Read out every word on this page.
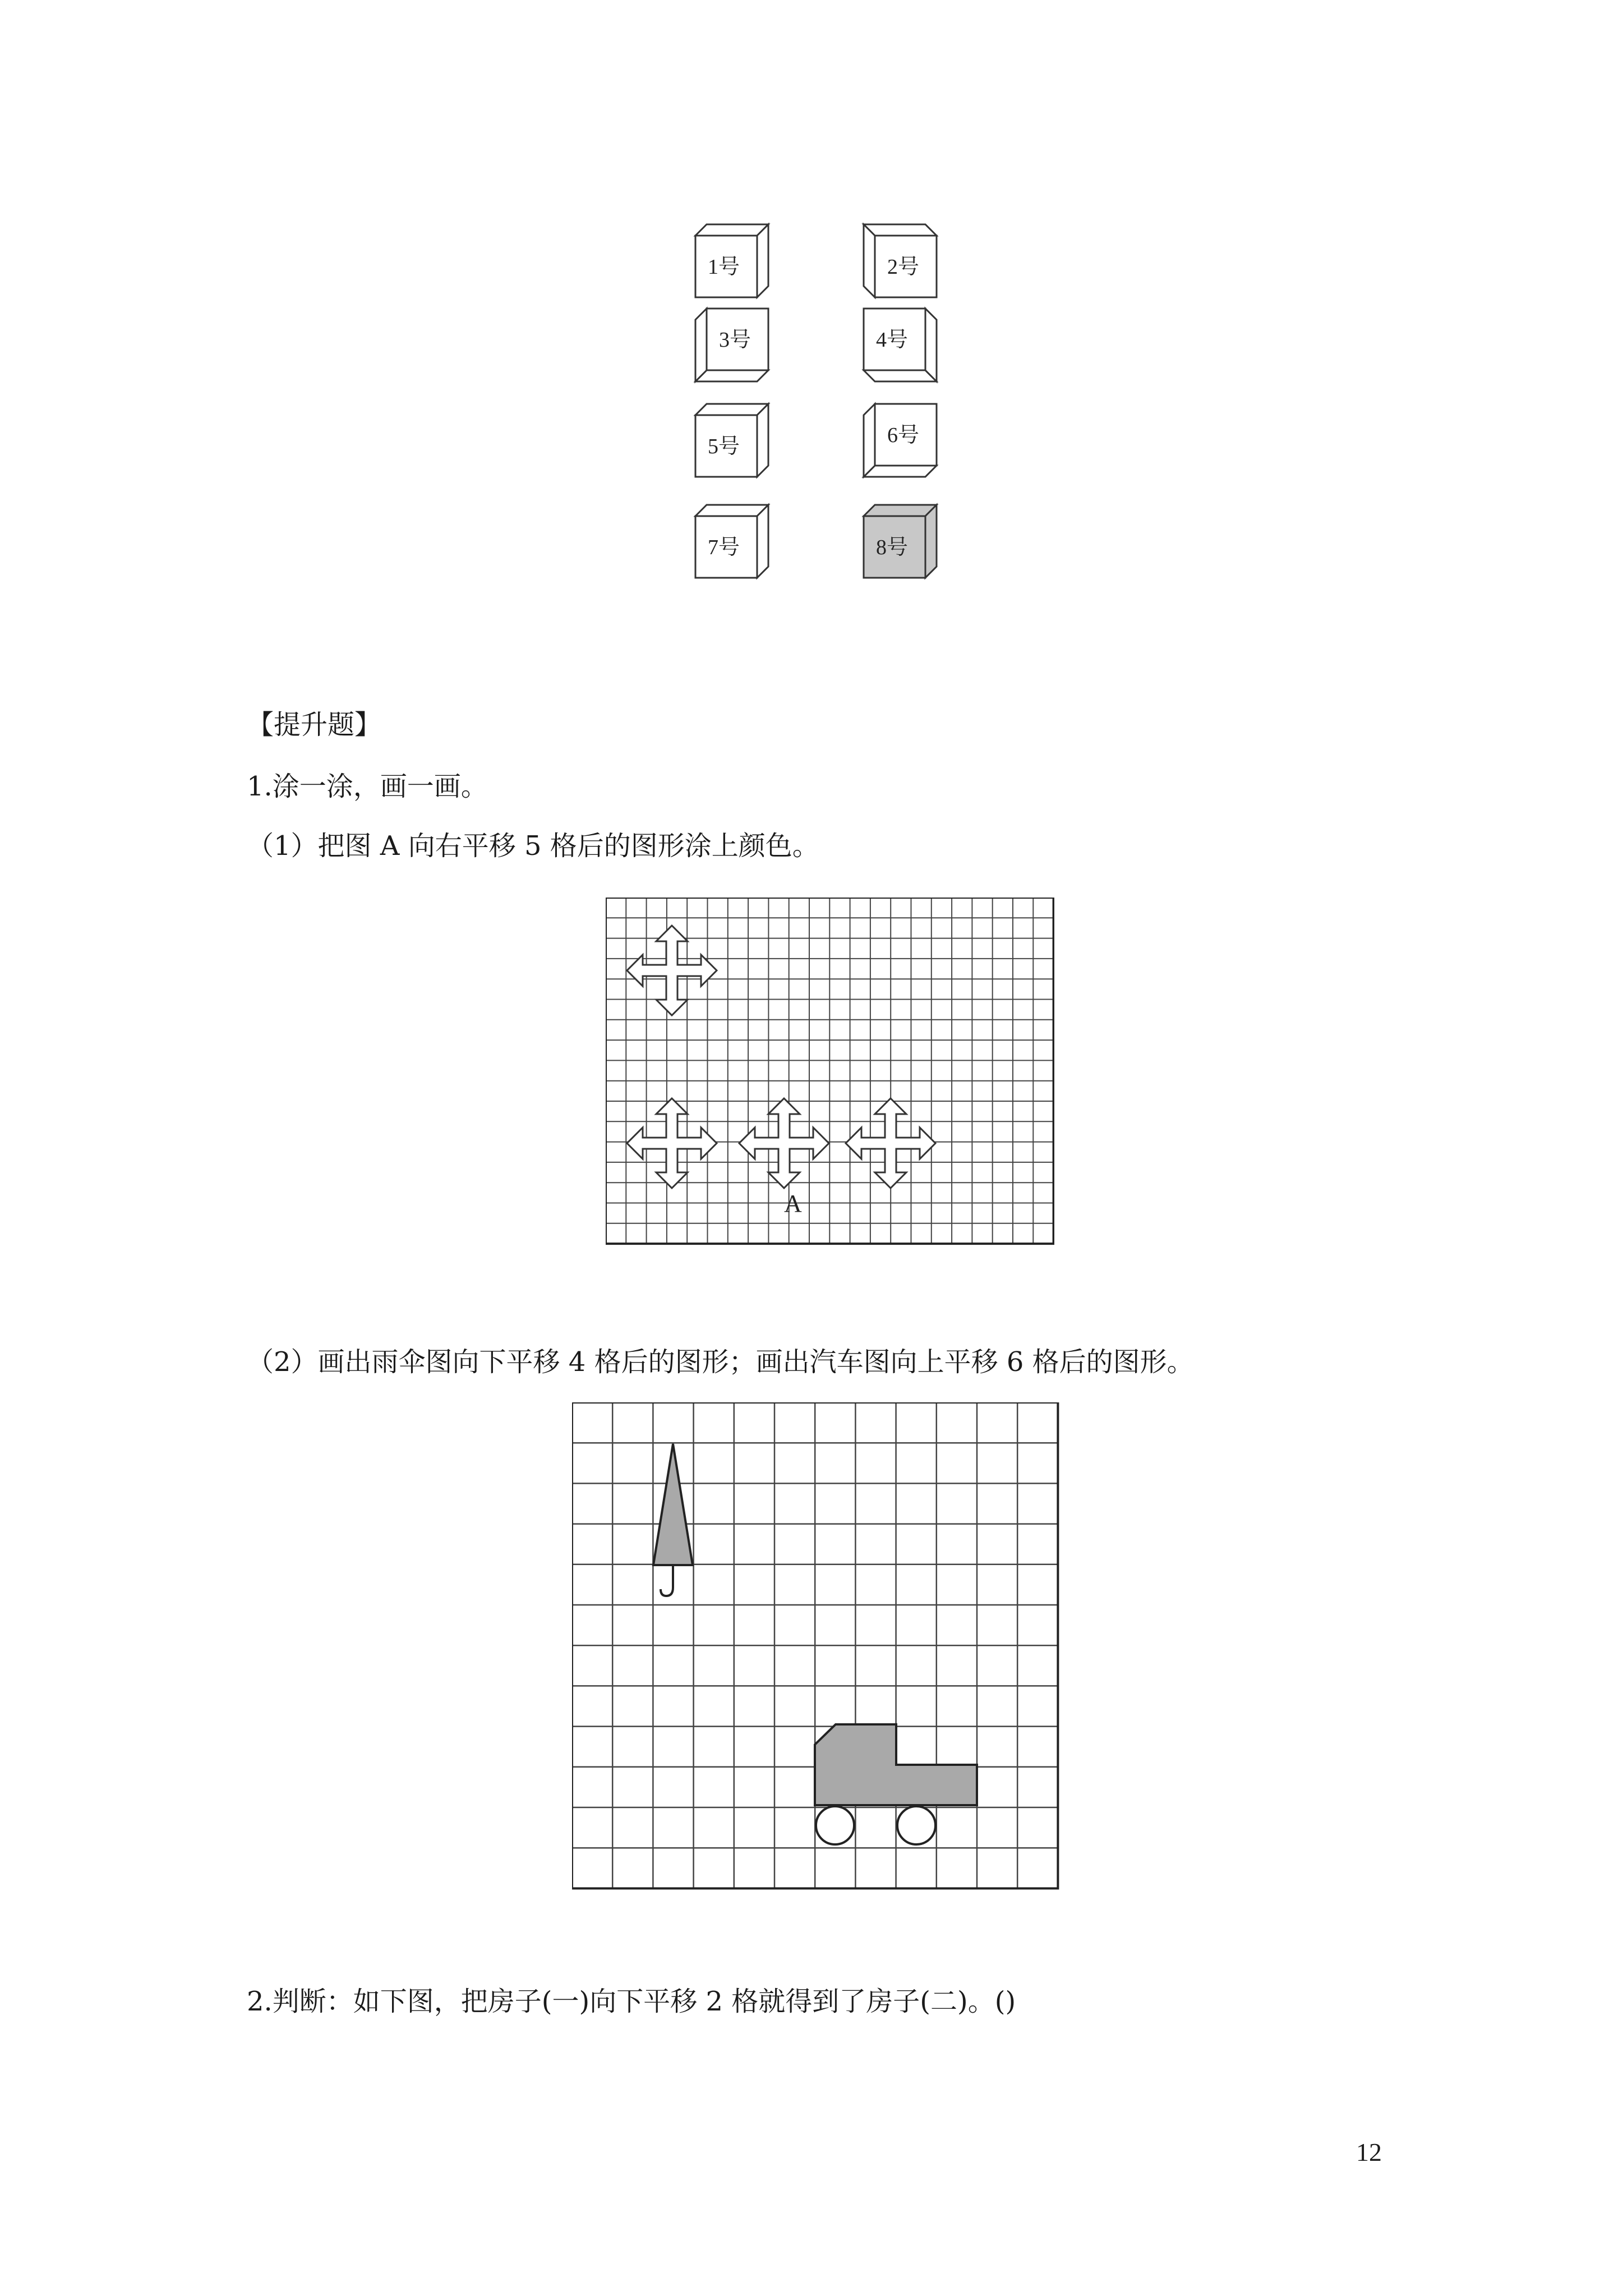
1号	2号
3号	4号
5号	6号
7号	8号
【提升题】
1.涂一涂，画一画。
（1）把图 A 向右平移 5 格后的图形涂上颜色。
A
（2）画出雨伞图向下平移 4 格后的图形；画出汽车图向上平移 6 格后的图形。
2.判断：如下图，把房子(一)向下平移 2 格就得到了房子(二)。()
12
